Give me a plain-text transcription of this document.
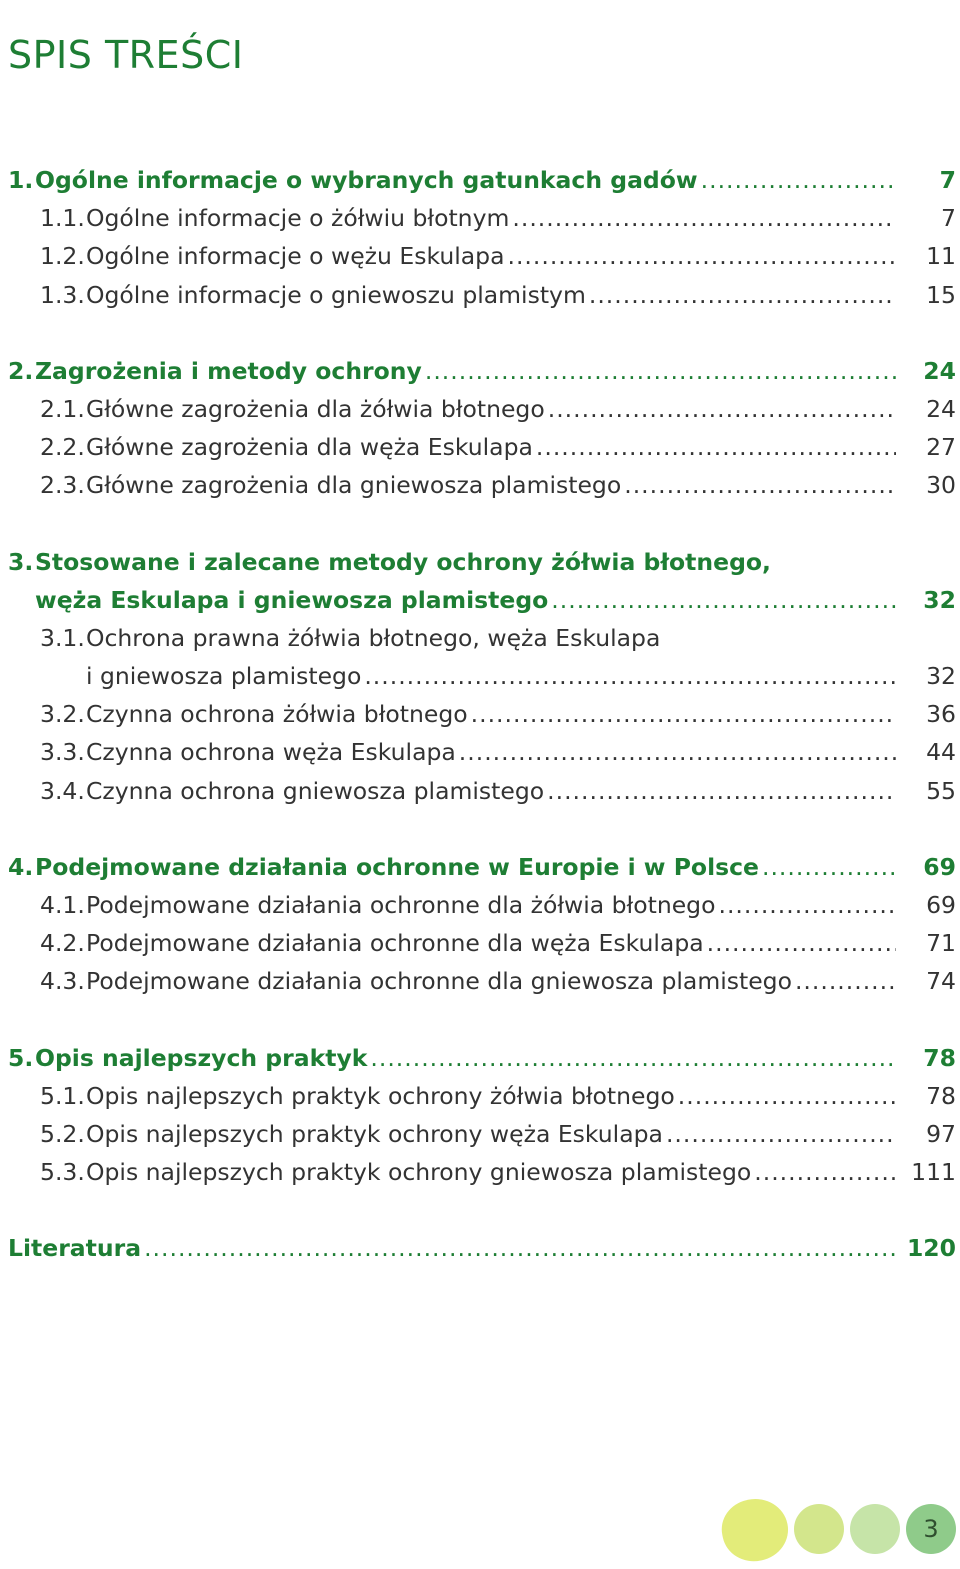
SPIS TREŚCI
1. Ogólne informacje o wybranych gatunkach gadów .....	7
1.1. Ogólne informacje o żółwiu błotnym .....	7
1.2. Ogólne informacje o wężu Eskulapa .....	11
1.3. Ogólne informacje o gniewoszu plamistym .....	15
2. Zagrożenia i metody ochrony .....	24
2.1. Główne zagrożenia dla żółwia błotnego .....	24
2.2. Główne zagrożenia dla węża Eskulapa .....	27
2.3. Główne zagrożenia dla gniewosza plamistego .....	30
3. Stosowane i zalecane metody ochrony żółwia błotnego,
węża Eskulapa i gniewosza plamistego .....	32
3.1. Ochrona prawna żółwia błotnego, węża Eskulapa
i gniewosza plamistego .....	32
3.2. Czynna ochrona żółwia błotnego .....	36
3.3. Czynna ochrona węża Eskulapa .....	44
3.4. Czynna ochrona gniewosza plamistego .....	55
4. Podejmowane działania ochronne w Europie i w Polsce .....	69
4.1. Podejmowane działania ochronne dla żółwia błotnego .....	69
4.2. Podejmowane działania ochronne dla węża Eskulapa .....	71
4.3. Podejmowane działania ochronne dla gniewosza plamistego .....	74
5. Opis najlepszych praktyk .....	78
5.1. Opis najlepszych praktyk ochrony żółwia błotnego .....	78
5.2. Opis najlepszych praktyk ochrony węża Eskulapa .....	97
5.3. Opis najlepszych praktyk ochrony gniewosza plamistego .....	111
Literatura .....	120
3
